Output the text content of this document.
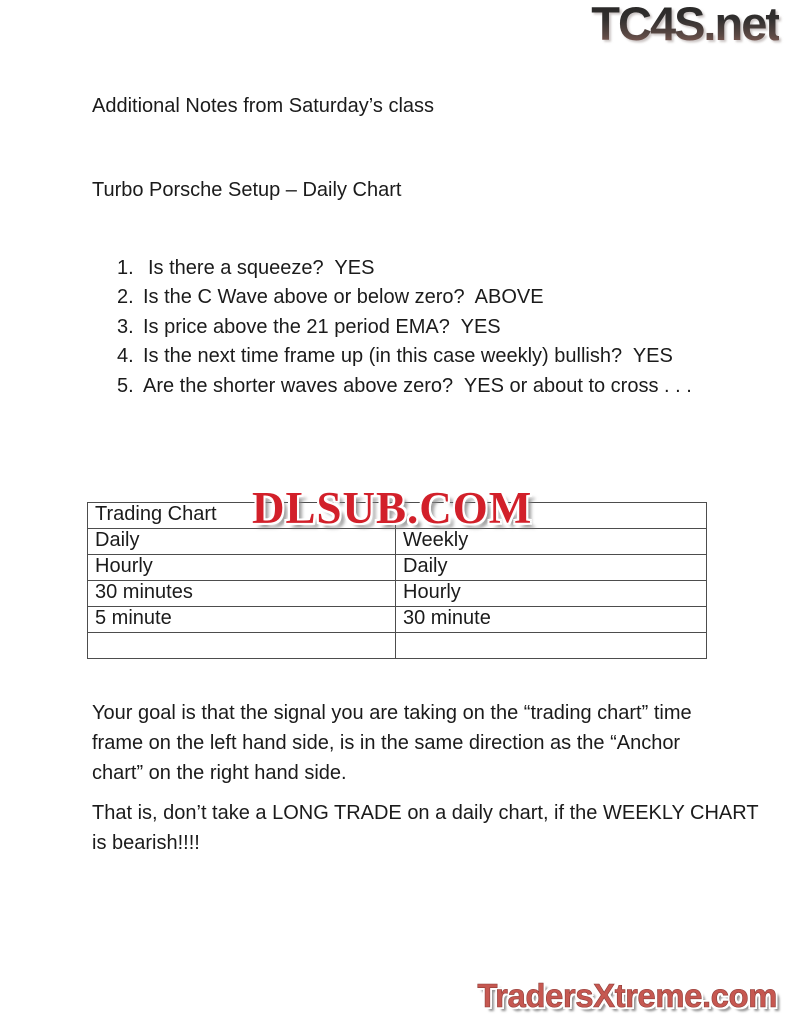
TC4S.net
Additional Notes from Saturday’s class
Turbo Porsche Setup – Daily Chart
1. Is there a squeeze?  YES
2. Is the C Wave above or below zero?  ABOVE
3. Is price above the 21 period EMA?  YES
4. Is the next time frame up (in this case weekly) bullish?  YES
5. Are the shorter waves above zero?  YES or about to cross . . .
Trading Chart	
Daily	Weekly
Hourly	Daily
30 minutes	Hourly
5 minute	30 minute

DLSUB.COM
Your goal is that the signal you are taking on the “trading chart” time
frame on the left hand side, is in the same direction as the “Anchor
chart” on the right hand side.
That is, don’t take a LONG TRADE on a daily chart, if the WEEKLY CHART
is bearish!!!!
TradersXtreme.com
